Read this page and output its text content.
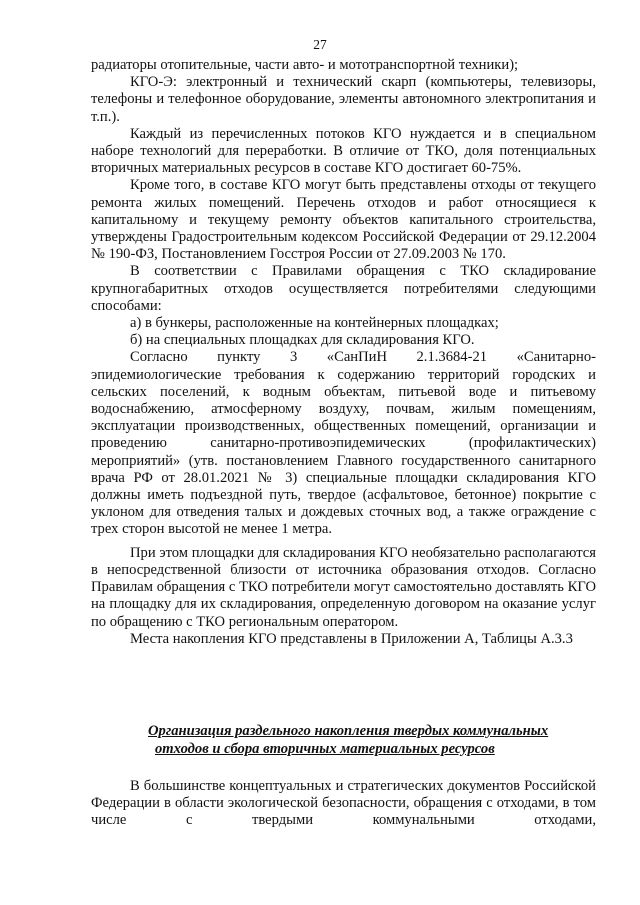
27

радиаторы отопительные, части авто- и мототранспортной техники);

КГО-Э: электронный и технический скарп (компьютеры, телевизоры, телефоны и телефонное оборудование, элементы автономного электропитания и т.п.).

Каждый из перечисленных потоков КГО нуждается и в специальном наборе технологий для переработки. В отличие от ТКО, доля потенциальных вторичных материальных ресурсов в составе КГО достигает 60-75%.

Кроме того, в составе КГО могут быть представлены отходы от текущего ремонта жилых помещений. Перечень отходов и работ относящиеся к капитальному и текущему ремонту объектов капитального строительства, утверждены Градостроительным кодексом Российской Федерации от 29.12.2004 № 190-ФЗ, Постановлением Госстроя России от 27.09.2003 № 170.

В соответствии с Правилами обращения с ТКО складирование крупногабаритных отходов осуществляется потребителями следующими способами:

а) в бункеры, расположенные на контейнерных площадках;

б) на специальных площадках для складирования КГО.

Согласно пункту 3 «СанПиН 2.1.3684-21 «Санитарно-эпидемиологические требования к содержанию территорий городских и сельских поселений, к водным объектам, питьевой воде и питьевому водоснабжению, атмосферному воздуху, почвам, жилым помещениям, эксплуатации производственных, общественных помещений, организации и проведению санитарно-противоэпидемических (профилактических) мероприятий» (утв. постановлением Главного государственного санитарного врача РФ от 28.01.2021 № 3) специальные площадки складирования КГО должны иметь подъездной путь, твердое (асфальтовое, бетонное) покрытие с уклоном для отведения талых и дождевых сточных вод, а также ограждение с трех сторон высотой не менее 1 метра.

При этом площадки для складирования КГО необязательно располагаются в непосредственной близости от источника образования отходов. Согласно Правилам обращения с ТКО потребители могут самостоятельно доставлять КГО на площадку для их складирования, определенную договором на оказание услуг по обращению с ТКО региональным оператором.

Места накопления КГО представлены в Приложении А, Таблицы А.3.3

Организация раздельного накопления твердых коммунальных
отходов и сбора вторичных материальных ресурсов

В большинстве концептуальных и стратегических документов Российской Федерации в области экологической безопасности, обращения с отходами, в том числе с твердыми коммунальными отходами,
